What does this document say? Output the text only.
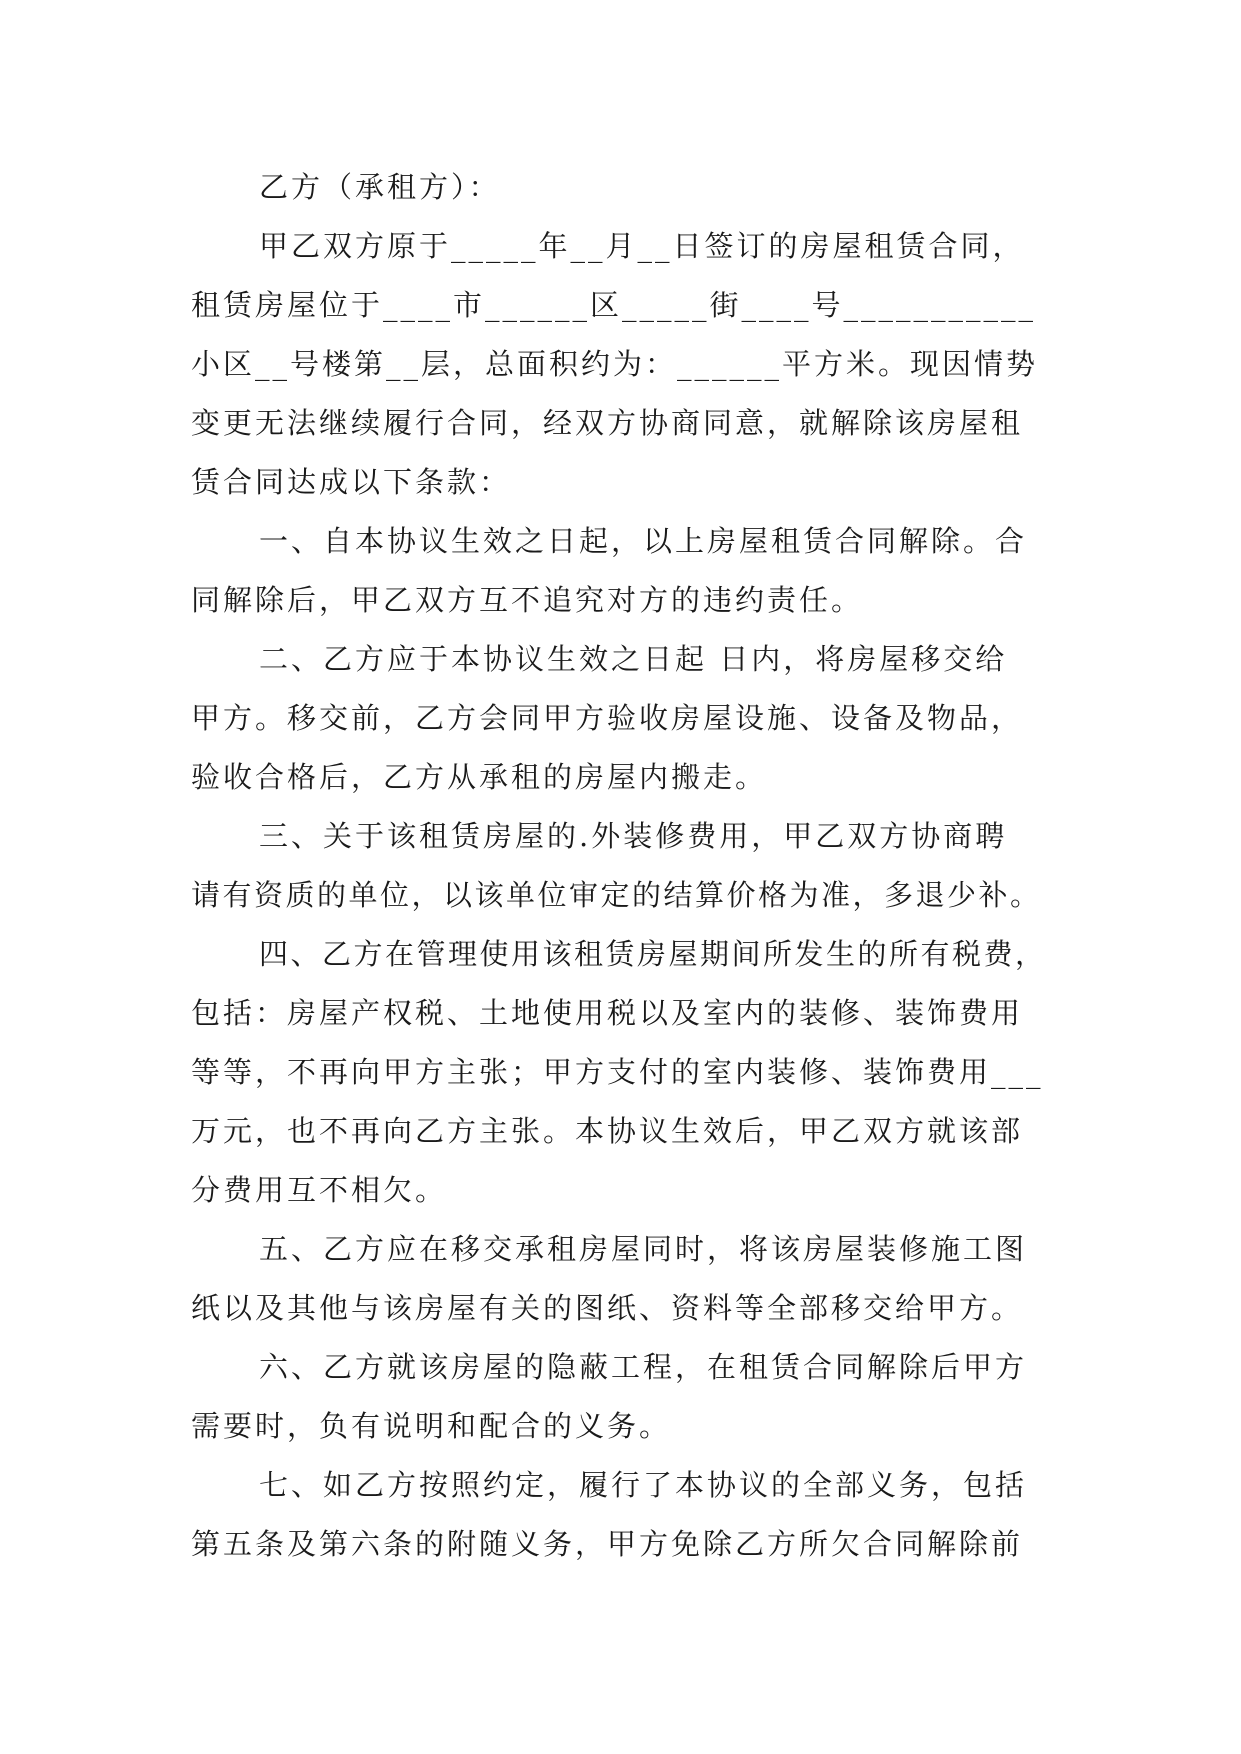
乙方（承租方）：
甲乙双方原于_____年__月__日签订的房屋租赁合同，
租赁房屋位于____市______区_____街____号___________
小区__号楼第__层，总面积约为：______平方米。现因情势
变更无法继续履行合同，经双方协商同意，就解除该房屋租
赁合同达成以下条款：
一、自本协议生效之日起，以上房屋租赁合同解除。合
同解除后，甲乙双方互不追究对方的违约责任。
二、乙方应于本协议生效之日起 日内，将房屋移交给
甲方。移交前，乙方会同甲方验收房屋设施、设备及物品，
验收合格后，乙方从承租的房屋内搬走。
三、关于该租赁房屋的.外装修费用，甲乙双方协商聘
请有资质的单位，以该单位审定的结算价格为准，多退少补。
四、乙方在管理使用该租赁房屋期间所发生的所有税费，
包括：房屋产权税、土地使用税以及室内的装修、装饰费用
等等，不再向甲方主张；甲方支付的室内装修、装饰费用___
万元，也不再向乙方主张。本协议生效后，甲乙双方就该部
分费用互不相欠。
五、乙方应在移交承租房屋同时，将该房屋装修施工图
纸以及其他与该房屋有关的图纸、资料等全部移交给甲方。
六、乙方就该房屋的隐蔽工程，在租赁合同解除后甲方
需要时，负有说明和配合的义务。
七、如乙方按照约定，履行了本协议的全部义务，包括
第五条及第六条的附随义务，甲方免除乙方所欠合同解除前
